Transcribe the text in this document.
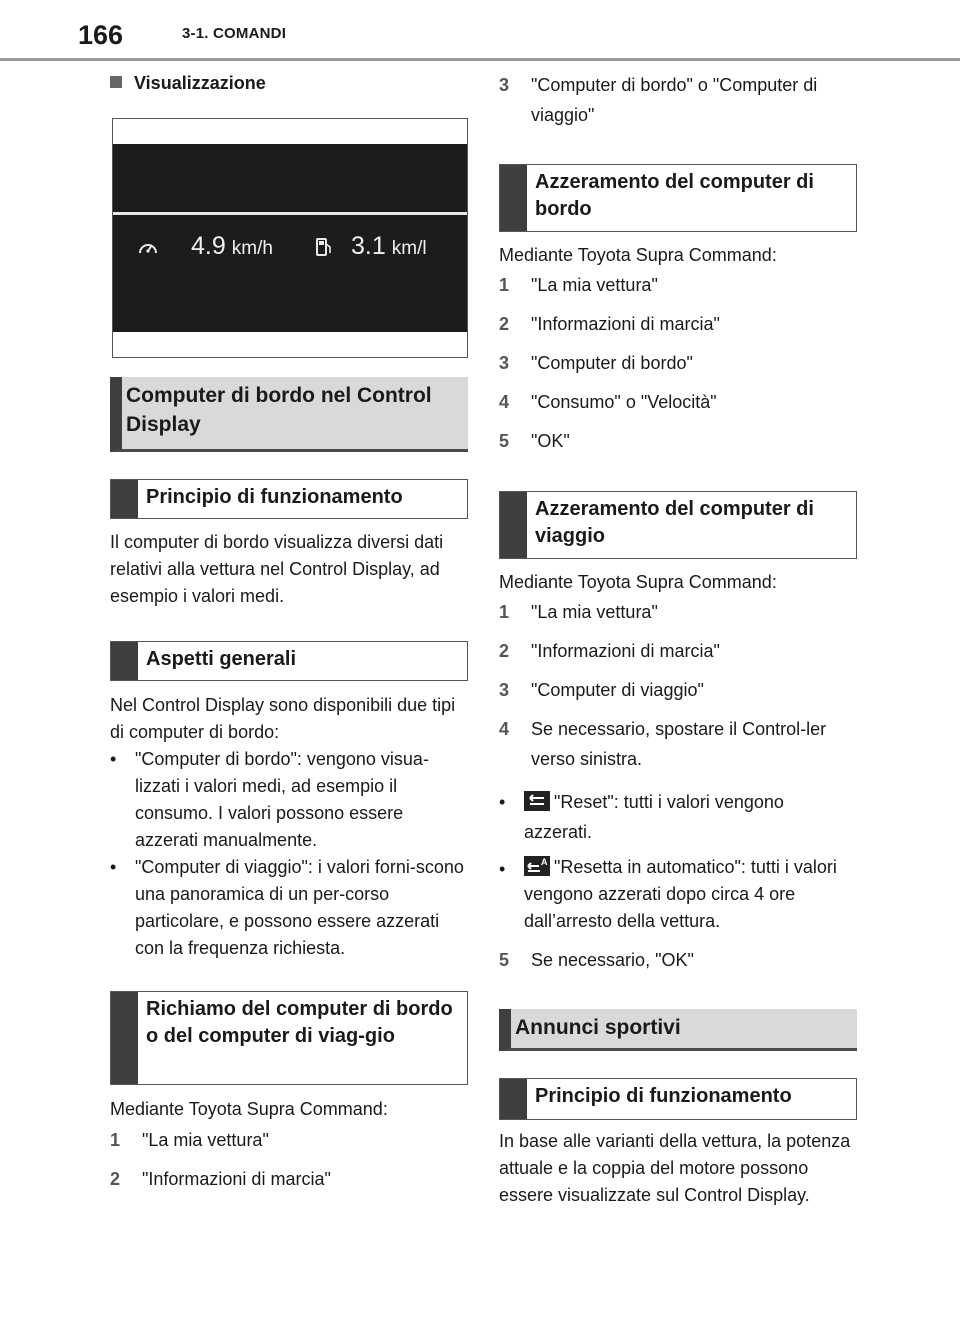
166	3-1. COMANDI
Visualizzazione
4.9 km/h	3.1 km/l
Computer di bordo nel Control Display
Principio di funzionamento

Il computer di bordo visualizza diversi dati relativi alla vettura nel Control Display, ad esempio i valori medi.

Aspetti generali

Nel Control Display sono disponibili due tipi di computer di bordo:

• "Computer di bordo": vengono visua-lizzati i valori medi, ad esempio il consumo. I valori possono essere azzerati manualmente.
• "Computer di viaggio": i valori forni-scono una panoramica di un per-corso particolare, e possono essere azzerati con la frequenza richiesta.
Richiamo del computer di bordo o del computer di viag-gio

Mediante Toyota Supra Command:

1 "La mia vettura"
2 "Informazioni di marcia"
3 "Computer di bordo" o "Computer di viaggio"
Azzeramento del computer di bordo

Mediante Toyota Supra Command:

1 "La mia vettura"
2 "Informazioni di marcia"
3 "Computer di bordo"
4 "Consumo" o "Velocità"
5 "OK"
Azzeramento del computer di viaggio

Mediante Toyota Supra Command:

1 "La mia vettura"
2 "Informazioni di marcia"
3 "Computer di viaggio"
4 Se necessario, spostare il Control-ler verso sinistra.
•	"Reset": tutti i valori vengono azzerati.
•	A "Resetta in automatico": tutti i valori vengono azzerati dopo circa 4 ore dall’arresto della vettura.
5 Se necessario, "OK"
Annunci sportivi
Principio di funzionamento

In base alle varianti della vettura, la potenza attuale e la coppia del motore possono essere visualizzate sul Control Display.
